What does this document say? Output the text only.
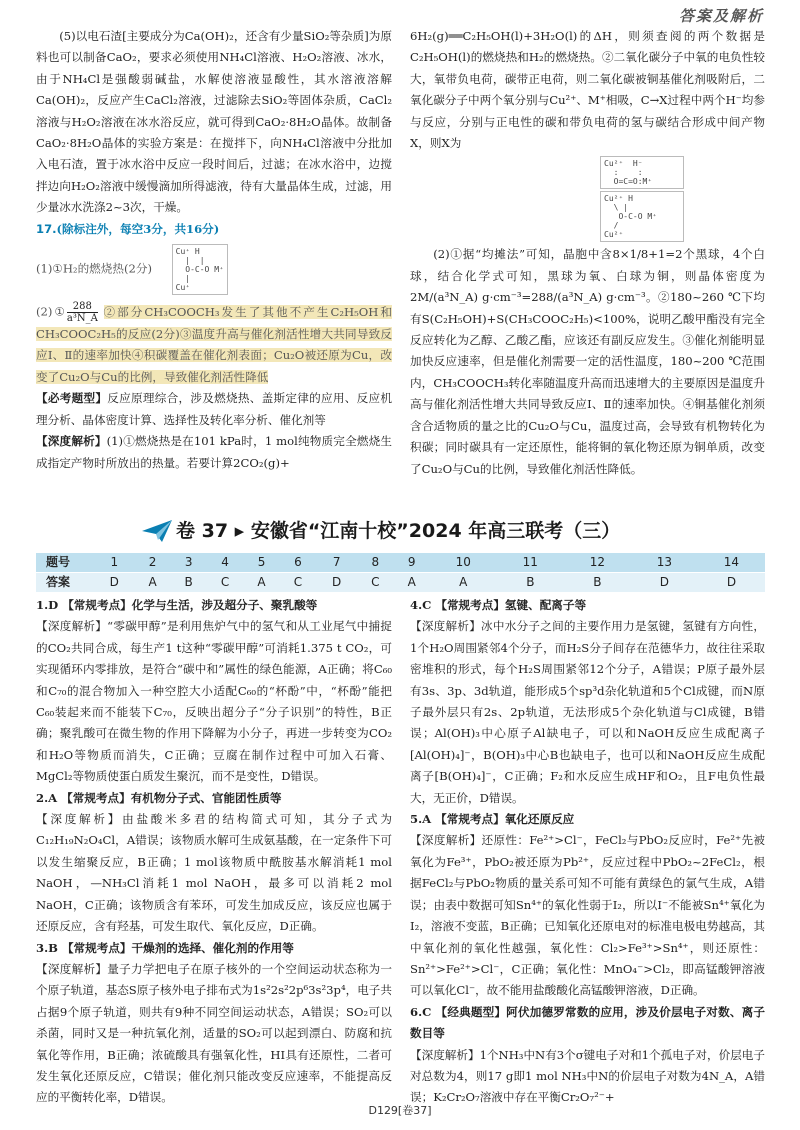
答案及解析

(5)以电石渣[主要成分为Ca(OH)₂，还含有少量SiO₂等杂质]为原料也可以制备CaO₂，要求必须使用NH₄Cl溶液、H₂O₂溶液、冰水，由于NH₄Cl是强酸弱碱盐，水解使溶液显酸性，其水溶液溶解Ca(OH)₂，反应产生CaCl₂溶液，过滤除去SiO₂等固体杂质，CaCl₂溶液与H₂O₂溶液在冰水浴反应，就可得到CaO₂·8H₂O晶体。故制备CaO₂·8H₂O晶体的实验方案是：在搅拌下，向NH₄Cl溶液中分批加入电石渣，置于冰水浴中反应一段时间后，过滤；在冰水浴中，边搅拌边向H₂O₂溶液中缓慢滴加所得滤液，待有大量晶体生成，过滤，用少量冰水洗涤2~3次，干燥。

17.(除标注外，每空3分，共16分)

(1)①H₂的燃烧热(2分) Cu⁺ H
|  |
O-C-O M⁺
|
Cu⁺

(2)① $\frac{288}{\text{a³N\_A}}$ ②部分CH₃COOCH₃发生了其他不产生C₂H₅OH和CH₃COOC₂H₅的反应(2分)③温度升高与催化剂活性增大共同导致反应Ⅰ、Ⅱ的速率加快④积碳覆盖在催化剂表面；Cu₂O被还原为Cu，改变了Cu₂O与Cu的比例，导致催化剂活性降低

【必考题型】反应原理综合，涉及燃烧热、盖斯定律的应用、反应机理分析、晶体密度计算、选择性及转化率分析、催化剂等

【深度解析】(1)①燃烧热是在101 kPa时，1 mol纯物质完全燃烧生成指定产物时所放出的热量。若要计算2CO₂(g)+

6H₂(g)══C₂H₅OH(l)+3H₂O(l)的ΔH，则须查阅的两个数据是C₂H₅OH(l)的燃烧热和H₂的燃烧热。②二氧化碳分子中氧的电负性较大，氧带负电荷，碳带正电荷，则二氧化碳被铜基催化剂吸附后，二氧化碳分子中两个氧分别与Cu²⁺、M⁺相吸，C→X过程中两个H⁻均参与反应，分别与正电性的碳和带负电荷的氢与碳结合形成中间产物X，则X为

Cu²⁺  H⁻
:    :
O=C=O:M⁺
Cu²⁺ H
\ |
O-C-O M⁺
/
Cu²⁺

(2)①据“均摊法”可知，晶胞中含8×1/8+1=2个黑球，4个白球，结合化学式可知，黑球为氧、白球为铜，则晶体密度为2M/(a³N_A) g·cm⁻³=288/(a³N_A) g·cm⁻³。②180~260 ℃下均有S(C₂H₅OH)+S(CH₃COOC₂H₅)<100%，说明乙酸甲酯没有完全反应转化为乙醇、乙酸乙酯，应该还有副反应发生。③催化剂能明显加快反应速率，但是催化剂需要一定的活性温度，180~200 ℃范围内，CH₃COOCH₃转化率随温度升高而迅速增大的主要原因是温度升高与催化剂活性增大共同导致反应Ⅰ、Ⅱ的速率加快。④铜基催化剂须含合适物质的量之比的Cu₂O与Cu，温度过高，会导致有机物转化为积碳；同时碳具有一定还原性，能将铜的氧化物还原为铜单质，改变了Cu₂O与Cu的比例，导致催化剂活性降低。

卷 37 ▸ 安徽省“江南十校”2024 年高三联考（三）
题号	1	2	3	4	5	6	7	8	9	10	11	12	13	14
答案	D	A	B	C	A	C	D	C	A	A	B	B	D	D

1.D 【常规考点】化学与生活，涉及超分子、聚乳酸等

【深度解析】“零碳甲醇”是利用焦炉气中的氢气和从工业尾气中捕捉的CO₂共同合成，每生产1 t这种“零碳甲醇”可消耗1.375 t CO₂，可实现循环内零排放，是符合“碳中和”属性的绿色能源，A正确；将C₆₀和C₇₀的混合物加入一种空腔大小适配C₆₀的“杯酚”中，“杯酚”能把C₆₀装起来而不能装下C₇₀，反映出超分子“分子识别”的特性，B正确；聚乳酸可在微生物的作用下降解为小分子，再进一步转变为CO₂和H₂O等物质而消失，C正确；豆腐在制作过程中可加入石膏、MgCl₂等物质使蛋白质发生聚沉，而不是变性，D错误。

2.A 【常规考点】有机物分子式、官能团性质等

【深度解析】由盐酸米多君的结构简式可知，其分子式为C₁₂H₁₉N₂O₄Cl，A错误；该物质水解可生成氨基酸，在一定条件下可以发生缩聚反应，B正确；1 mol该物质中酰胺基水解消耗1 mol NaOH，—NH₃Cl消耗1 mol NaOH，最多可以消耗2 mol NaOH，C正确；该物质含有苯环，可发生加成反应，该反应也属于还原反应，含有羟基，可发生取代、氧化反应，D正确。

3.B 【常规考点】干燥剂的选择、催化剂的作用等

【深度解析】量子力学把电子在原子核外的一个空间运动状态称为一个原子轨道，基态S原子核外电子排布式为1s²2s²2p⁶3s²3p⁴，电子共占据9个原子轨道，则共有9种不同空间运动状态，A错误；SO₂可以杀菌，同时又是一种抗氧化剂，适量的SO₂可以起到漂白、防腐和抗氧化等作用，B正确；浓硫酸具有强氧化性，HI具有还原性，二者可发生氧化还原反应，C错误；催化剂只能改变反应速率，不能提高反应的平衡转化率，D错误。

4.C 【常规考点】氢键、配离子等

【深度解析】冰中水分子之间的主要作用力是氢键，氢键有方向性，1个H₂O周围紧邻4个分子，而H₂S分子间存在范德华力，故往往采取密堆积的形式，每个H₂S周围紧邻12个分子，A错误；P原子最外层有3s、3p、3d轨道，能形成5个sp³d杂化轨道和5个Cl成键，而N原子最外层只有2s、2p轨道，无法形成5个杂化轨道与Cl成键，B错误；Al(OH)₃中心原子Al缺电子，可以和NaOH反应生成配离子[Al(OH)₄]⁻，B(OH)₃中心B也缺电子，也可以和NaOH反应生成配离子[B(OH)₄]⁻，C正确；F₂和水反应生成HF和O₂，且F电负性最大，无正价，D错误。

5.A 【常规考点】氧化还原反应

【深度解析】还原性：Fe²⁺>Cl⁻，FeCl₂与PbO₂反应时，Fe²⁺先被氧化为Fe³⁺，PbO₂被还原为Pb²⁺，反应过程中PbO₂~2FeCl₂，根据FeCl₂与PbO₂物质的量关系可知不可能有黄绿色的氯气生成，A错误；由表中数据可知Sn⁴⁺的氧化性弱于I₂，所以I⁻不能被Sn⁴⁺氧化为I₂，溶液不变蓝，B正确；已知氧化还原电对的标准电极电势越高，其中氧化剂的氧化性越强，氧化性：Cl₂>Fe³⁺>Sn⁴⁺，则还原性：Sn²⁺>Fe²⁺>Cl⁻，C正确；氧化性：MnO₄⁻>Cl₂，即高锰酸钾溶液可以氧化Cl⁻，故不能用盐酸酸化高锰酸钾溶液，D正确。

6.C 【经典题型】阿伏加德罗常数的应用，涉及价层电子对数、离子数目等

【深度解析】1个NH₃中N有3个σ键电子对和1个孤电子对，价层电子对总数为4，则17 g即1 mol NH₃中N的价层电子对数为4N_A，A错误；K₂Cr₂O₇溶液中存在平衡Cr₂O₇²⁻+

D129[卷37]
